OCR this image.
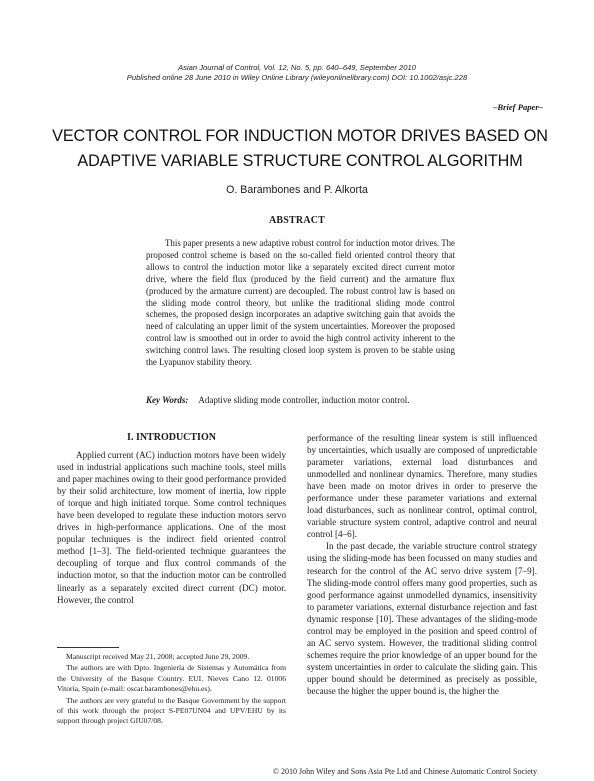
Asian Journal of Control, Vol. 12, No. 5, pp. 640–649, September 2010
Published online 28 June 2010 in Wiley Online Library (wileyonlinelibrary.com) DOI: 10.1002/asjc.228
–Brief Paper–
VECTOR CONTROL FOR INDUCTION MOTOR DRIVES BASED ON
ADAPTIVE VARIABLE STRUCTURE CONTROL ALGORITHM
O. Barambones and P. Alkorta
ABSTRACT

This paper presents a new adaptive robust control for induction motor drives. The proposed control scheme is based on the so-called field oriented control theory that allows to control the induction motor like a separately excited direct current motor drive, where the field flux (produced by the field current) and the armature flux (produced by the armature current) are decoupled. The robust control law is based on the sliding mode control theory, but unlike the traditional sliding mode control schemes, the proposed design incorporates an adaptive switching gain that avoids the need of calculating an upper limit of the system uncertainties. Moreover the proposed control law is smoothed out in order to avoid the high control activity inherent to the switching control laws. The resulting closed loop system is proven to be stable using the Lyapunov stability theory.

Key Words: Adaptive sliding mode controller, induction motor control.
I. INTRODUCTION

Applied current (AC) induction motors have been widely used in industrial applications such machine tools, steel mills and paper machines owing to their good performance provided by their solid architecture, low moment of inertia, low ripple of torque and high initiated torque. Some control techniques have been developed to regulate these induction motors servo drives in high-performance applications. One of the most popular techniques is the indirect field oriented control method [1–3]. The field-oriented technique guarantees the decoupling of torque and flux control commands of the induction motor, so that the induction motor can be controlled linearly as a separately excited direct current (DC) motor. However, the control

performance of the resulting linear system is still influenced by uncertainties, which usually are composed of unpredictable parameter variations, external load disturbances and unmodelled and nonlinear dynamics. Therefore, many studies have been made on motor drives in order to preserve the performance under these parameter variations and external load disturbances, such as nonlinear control, optimal control, variable structure system control, adaptive control and neural control [4–6].

In the past decade, the variable structure control strategy using the sliding-mode has been focussed on many studies and research for the control of the AC servo drive system [7–9]. The sliding-mode control offers many good properties, such as good performance against unmodelled dynamics, insensitivity to parameter variations, external disturbance rejection and fast dynamic response [10]. These advantages of the sliding-mode control may be employed in the position and speed control of an AC servo system. However, the traditional sliding control schemes require the prior knowledge of an upper bound for the system uncertainties in order to calculate the sliding gain. This upper bound should be determined as precisely as possible, because the higher the upper bound is, the higher the

Manuscript received May 21, 2008; accepted June 29, 2009.

The authors are with Dpto. Ingeniería de Sistemas y Automática from the University of the Basque Country. EUI. Nieves Cano 12. 01006 Vitoria, Spain (e-mail: oscar.barambones@ehu.es).

The authors are very grateful to the Basque Government by the support of this work through the project S-PE07UN04 and UPV/EHU by its support through project GIU07/08.

© 2010 John Wiley and Sons Asia Pte Ltd and Chinese Automatic Control Society
